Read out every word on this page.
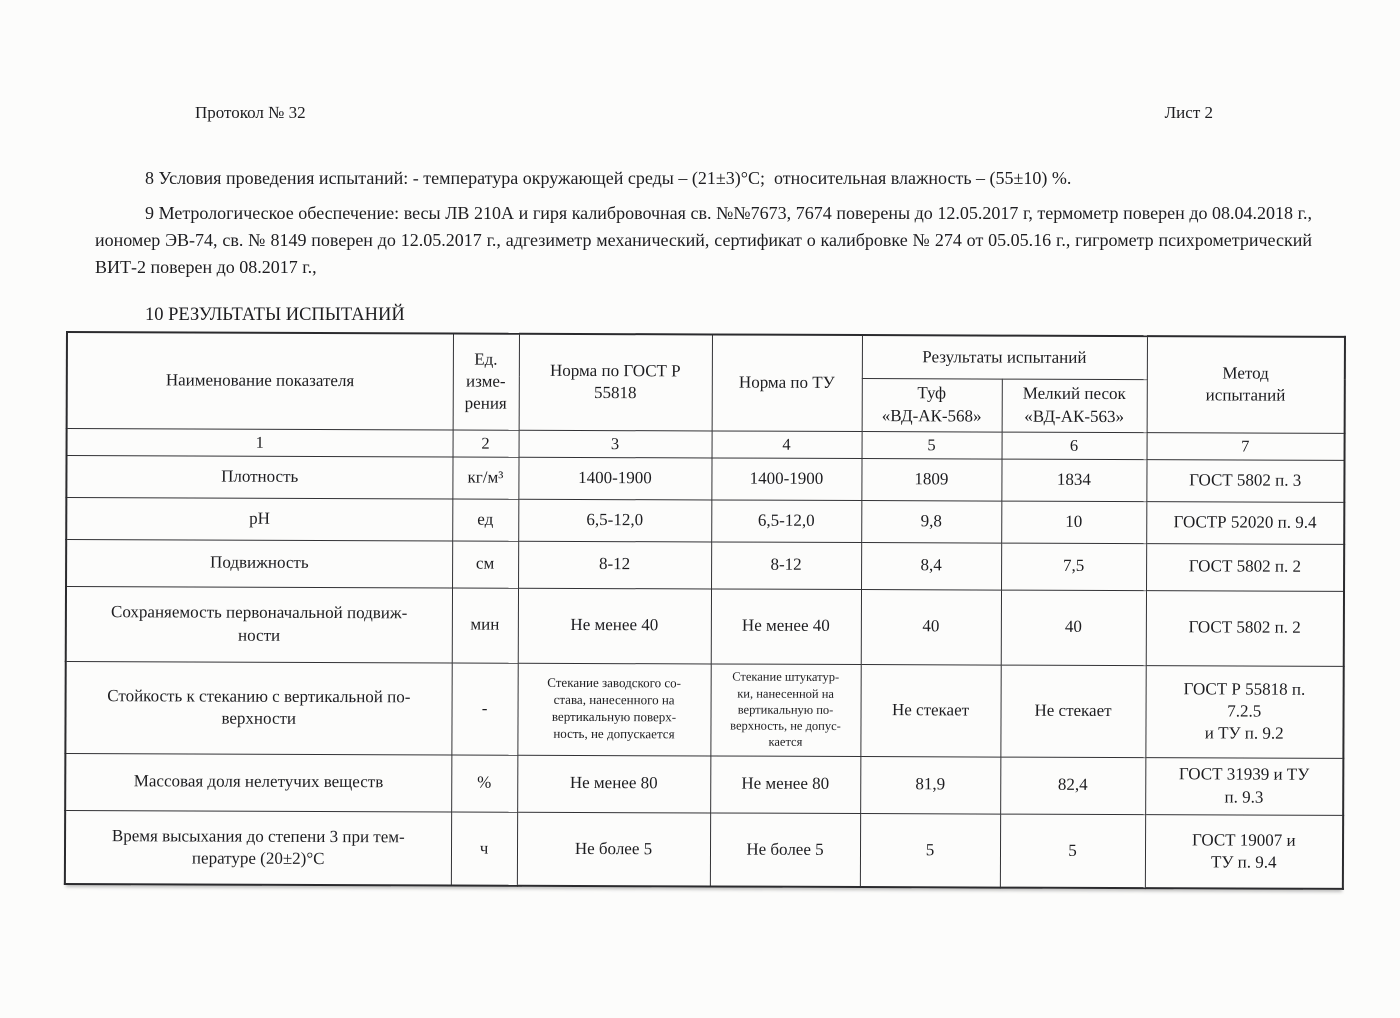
Протокол № 32	Лист 2

8 Условия проведения испытаний: - температура окружающей среды – (21±3)°С;  относительная влажность – (55±10) %.

9 Метрологическое обеспечение: весы ЛВ 210А и гиря калибровочная св. №№7673, 7674 поверены до 12.05.2017 г, термометр поверен до 08.04.2018 г., иономер ЭВ-74, св. № 8149 поверен до 12.05.2017 г., адгезиметр механический, сертификат о калибровке № 274 от 05.05.16 г., гигрометр психрометрический ВИТ-2 поверен до 08.2017 г.,

10 РЕЗУЛЬТАТЫ ИСПЫТАНИЙ
Наименование показателя	Ед.
изме-
рения	Норма по ГОСТ Р
55818	Норма по ТУ	Результаты испытаний		Метод
испытаний
				Туф
«ВД-АК-568»	Мелкий песок
«ВД-АК-563»	
1	2	3	4	5	6	7
Плотность	кг/м³	1400-1900	1400-1900	1809	1834	ГОСТ 5802 п. 3
рН	ед	6,5-12,0	6,5-12,0	9,8	10	ГОСТР 52020 п. 9.4
Подвижность	см	8-12	8-12	8,4	7,5	ГОСТ 5802 п. 2
Сохраняемость первоначальной подвиж-
ности	мин	Не менее 40	Не менее 40	40	40	ГОСТ 5802 п. 2
Стойкость к стеканию с вертикальной по-
верхности	-	Стекание заводского со-
става, нанесенного на
вертикальную поверх-
ность, не допускается	Стекание штукатур-
ки, нанесенной на
вертикальную по-
верхность, не допус-
кается	Не стекает	Не стекает	ГОСТ Р 55818 п.
7.2.5
и ТУ п. 9.2
Массовая доля нелетучих веществ	%	Не менее 80	Не менее 80	81,9	82,4	ГОСТ 31939 и ТУ
п. 9.3
Время высыхания до степени 3 при тем-
пературе (20±2)°С	ч	Не более 5	Не более 5	5	5	ГОСТ 19007 и
ТУ п. 9.4
